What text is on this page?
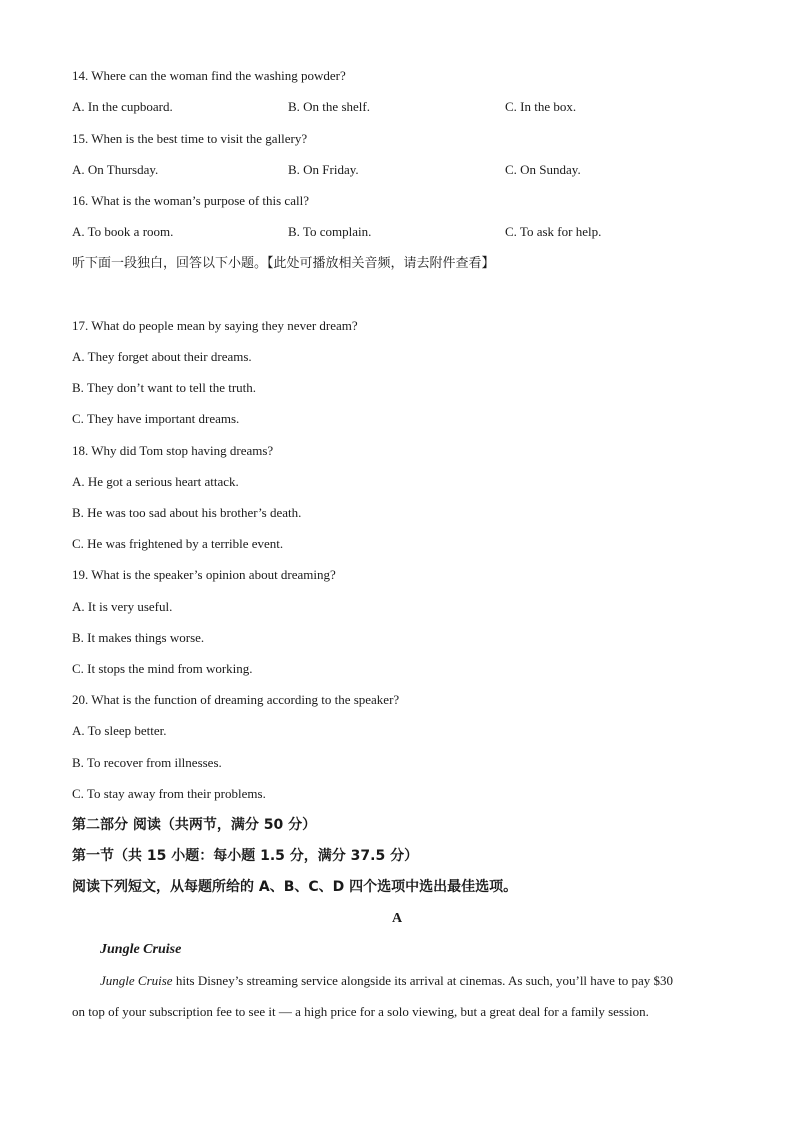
14. Where can the woman find the washing powder?
A. In the cupboard.	B. On the shelf.	C. In the box.
15. When is the best time to visit the gallery?
A. On Thursday.	B. On Friday.	C. On Sunday.
16. What is the woman’s purpose of this call?
A. To book a room.	B. To complain.	C. To ask for help.
听下面一段独白，回答以下小题。【此处可播放相关音频，请去附件查看】
17. What do people mean by saying they never dream?
A. They forget about their dreams.
B. They don’t want to tell the truth.
C. They have important dreams.
18. Why did Tom stop having dreams?
A. He got a serious heart attack.
B. He was too sad about his brother’s death.
C. He was frightened by a terrible event.
19. What is the speaker’s opinion about dreaming?
A. It is very useful.
B. It makes things worse.
C. It stops the mind from working.
20. What is the function of dreaming according to the speaker?
A. To sleep better.
B. To recover from illnesses.
C. To stay away from their problems.
第二部分 阅读（共两节，满分 50 分）
第一节（共 15 小题：每小题 1.5 分，满分 37.5 分）
阅读下列短文，从每题所给的 A、B、C、D 四个选项中选出最佳选项。
A
Jungle Cruise
Jungle Cruise hits Disney’s streaming service alongside its arrival at cinemas. As such, you’ll have to pay $30
on top of your subscription fee to see it — a high price for a solo viewing, but a great deal for a family session.
